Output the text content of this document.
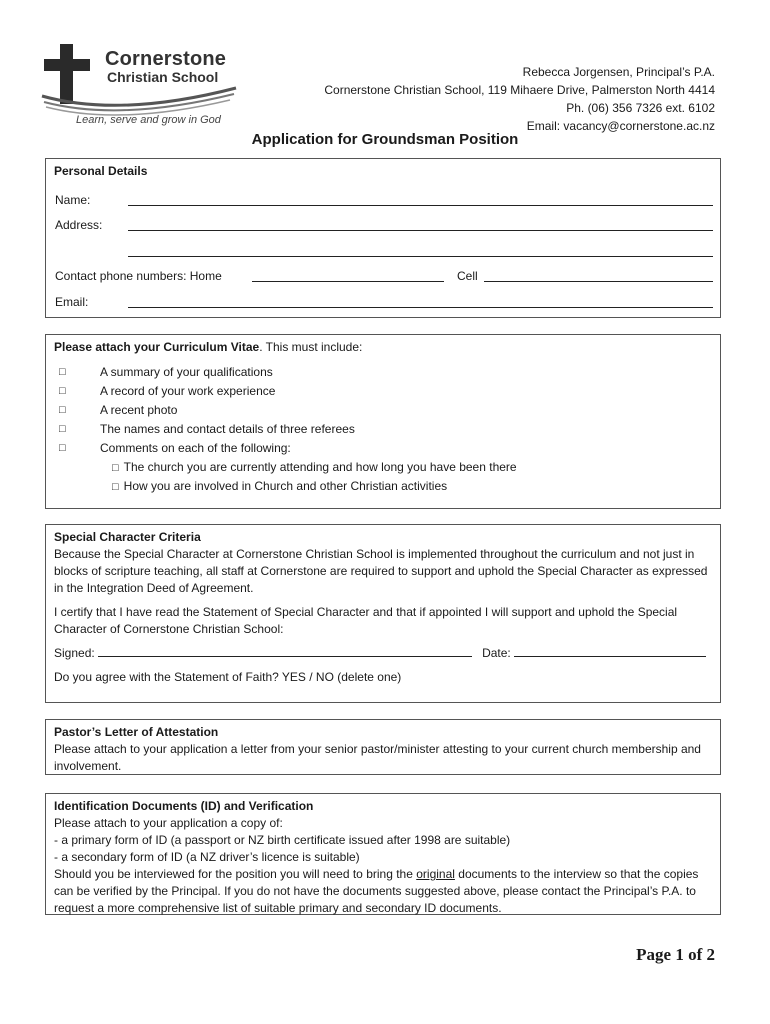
Cornerstone
Christian School
Learn, serve and grow in God
Rebecca Jorgensen, Principal’s P.A.
Cornerstone Christian School, 119 Mihaere Drive, Palmerston North 4414
Ph. (06) 356 7326 ext. 6102
Email: vacancy@cornerstone.ac.nz
Application for Groundsman Position
Personal Details
Name:
Address:
Contact phone numbers: Home	Cell
Email:
Please attach your Curriculum Vitae. This must include:
□	A summary of your qualifications
□	A record of your work experience
□	A recent photo
□	The names and contact details of three referees
□	Comments on each of the following:
□ The church you are currently attending and how long you have been there
□ How you are involved in Church and other Christian activities
Special Character Criteria

Because the Special Character at Cornerstone Christian School is implemented throughout the curriculum and not just in blocks of scripture teaching, all staff at Cornerstone are required to support and uphold the Special Character as expressed in the Integration Deed of Agreement.

I certify that I have read the Statement of Special Character and that if appointed I will support and uphold the Special Character of Cornerstone Christian School:

Signed:	Date:
Do you agree with the Statement of Faith? YES / NO (delete one)
Pastor’s Letter of Attestation
Please attach to your application a letter from your senior pastor/minister attesting to your current church membership and involvement.
Identification Documents (ID) and Verification
Please attach to your application a copy of:
- a primary form of ID (a passport or NZ birth certificate issued after 1998 are suitable)
- a secondary form of ID (a NZ driver’s licence is suitable)
Should you be interviewed for the position you will need to bring the original documents to the interview so that the copies can be verified by the Principal. If you do not have the documents suggested above, please contact the Principal’s P.A. to request a more comprehensive list of suitable primary and secondary ID documents.
Page 1 of 2
